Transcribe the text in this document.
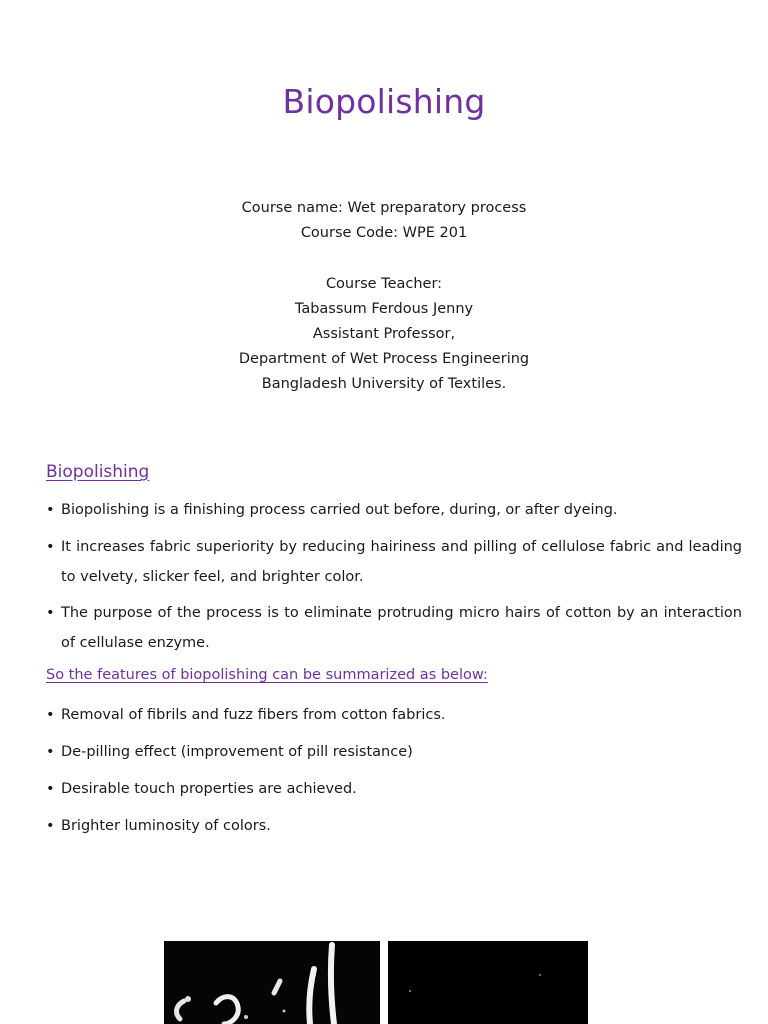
Biopolishing
Course name: Wet preparatory process
Course Code: WPE 201
Course Teacher:
Tabassum Ferdous Jenny
Assistant Professor,
Department of Wet Process Engineering
Bangladesh University of Textiles.
Biopolishing
• Biopolishing is a finishing process carried out before, during, or after dyeing.
• It increases fabric superiority by reducing hairiness and pilling of cellulose fabric and leading to velvety, slicker feel, and brighter color.
• The purpose of the process is to eliminate protruding micro hairs of cotton by an interaction of cellulase enzyme.
So the features of biopolishing can be summarized as below:
• Removal of fibrils and fuzz fibers from cotton fabrics.
• De-pilling effect (improvement of pill resistance)
• Desirable touch properties are achieved.
• Brighter luminosity of colors.
